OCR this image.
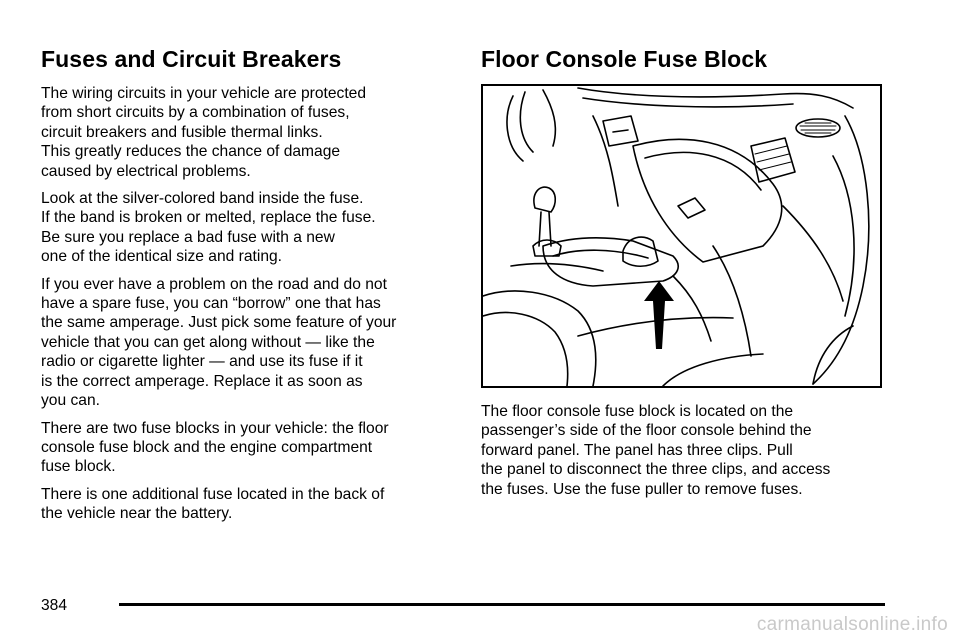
Fuses and Circuit Breakers

The wiring circuits in your vehicle are protected
from short circuits by a combination of fuses,
circuit breakers and fusible thermal links.
This greatly reduces the chance of damage
caused by electrical problems.

Look at the silver-colored band inside the fuse.
If the band is broken or melted, replace the fuse.
Be sure you replace a bad fuse with a new
one of the identical size and rating.

If you ever have a problem on the road and do not
have a spare fuse, you can “borrow” one that has
the same amperage. Just pick some feature of your
vehicle that you can get along without — like the
radio or cigarette lighter — and use its fuse if it
is the correct amperage. Replace it as soon as
you can.

There are two fuse blocks in your vehicle: the floor
console fuse block and the engine compartment
fuse block.

There is one additional fuse located in the back of
the vehicle near the battery.

Floor Console Fuse Block

The floor console fuse block is located on the
passenger’s side of the floor console behind the
forward panel. The panel has three clips. Pull
the panel to disconnect the three clips, and access
the fuses. Use the fuse puller to remove fuses.

384
carmanualsonline.info
